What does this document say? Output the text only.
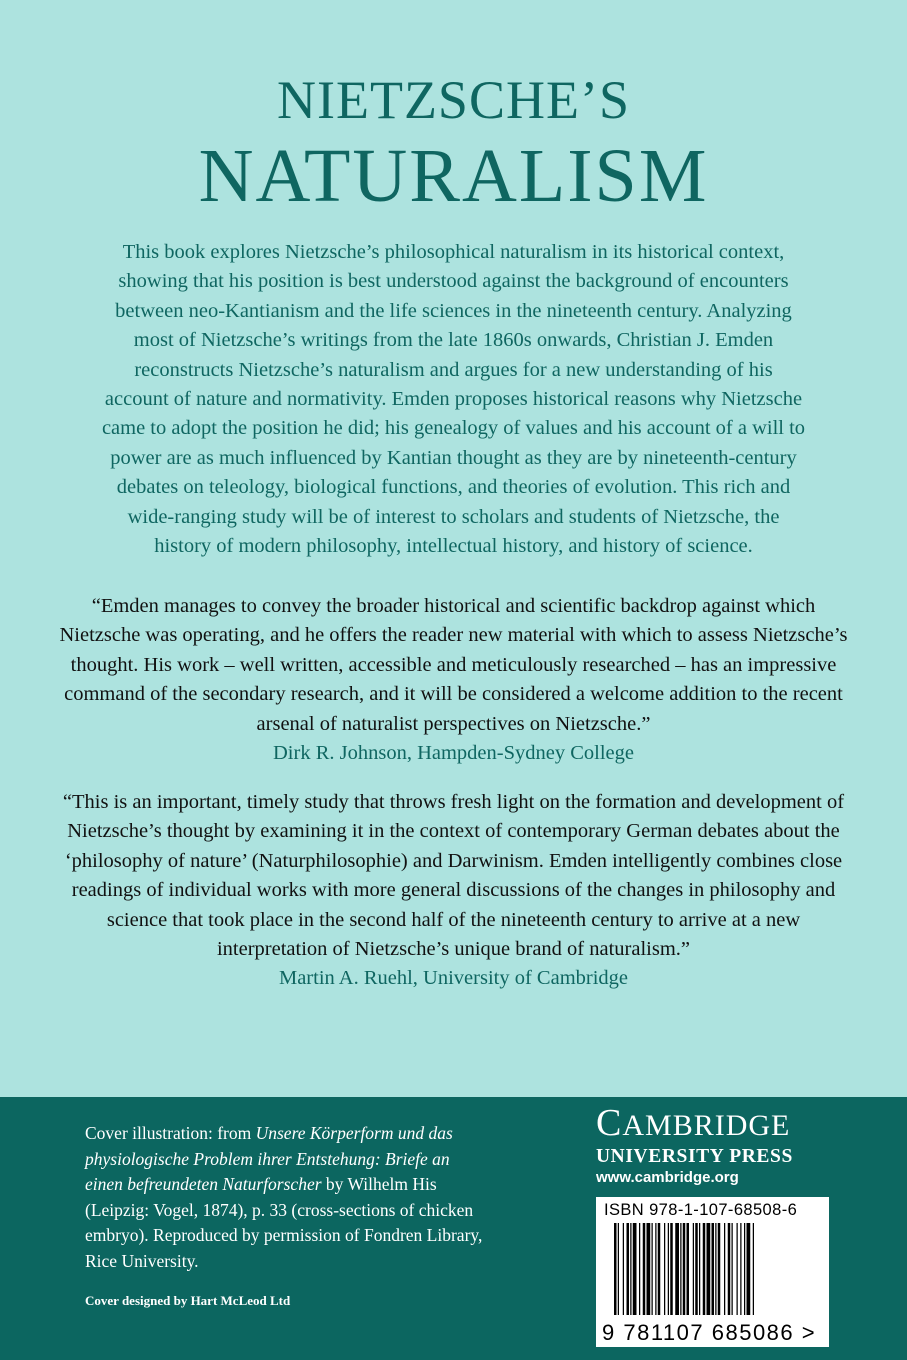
NIETZSCHE’S
NATURALISM

This book explores Nietzsche’s philosophical naturalism in its historical context, showing that his position is best understood against the background of encounters between neo-Kantianism and the life sciences in the nineteenth century. Analyzing most of Nietzsche’s writings from the late 1860s onwards, Christian J. Emden reconstructs Nietzsche’s naturalism and argues for a new understanding of his account of nature and normativity. Emden proposes historical reasons why Nietzsche came to adopt the position he did; his genealogy of values and his account of a will to power are as much influenced by Kantian thought as they are by nineteenth-century debates on teleology, biological functions, and theories of evolution. This rich and wide-ranging study will be of interest to scholars and students of Nietzsche, the history of modern philosophy, intellectual history, and history of science.

“Emden manages to convey the broader historical and scientific backdrop against which Nietzsche was operating, and he offers the reader new material with which to assess Nietzsche’s thought. His work – well written, accessible and meticulously researched – has an impressive command of the secondary research, and it will be considered a welcome addition to the recent arsenal of naturalist perspectives on Nietzsche.”
Dirk R. Johnson, Hampden-Sydney College

“This is an important, timely study that throws fresh light on the formation and development of Nietzsche’s thought by examining it in the context of contemporary German debates about the ‘philosophy of nature’ (Naturphilosophie) and Darwinism. Emden intelligently combines close readings of individual works with more general discussions of the changes in philosophy and science that took place in the second half of the nineteenth century to arrive at a new interpretation of Nietzsche’s unique brand of naturalism.”
Martin A. Ruehl, University of Cambridge

Cover illustration: from Unsere Körperform und das physiologische Problem ihrer Entstehung: Briefe an einen befreundeten Naturforscher by Wilhelm His (Leipzig: Vogel, 1874), p. 33 (cross-sections of chicken embryo). Reproduced by permission of Fondren Library, Rice University.

Cover designed by Hart McLeod Ltd

CAMBRIDGE
UNIVERSITY PRESS
www.cambridge.org
ISBN 978-1-107-68508-6
9 781107 685086 >
